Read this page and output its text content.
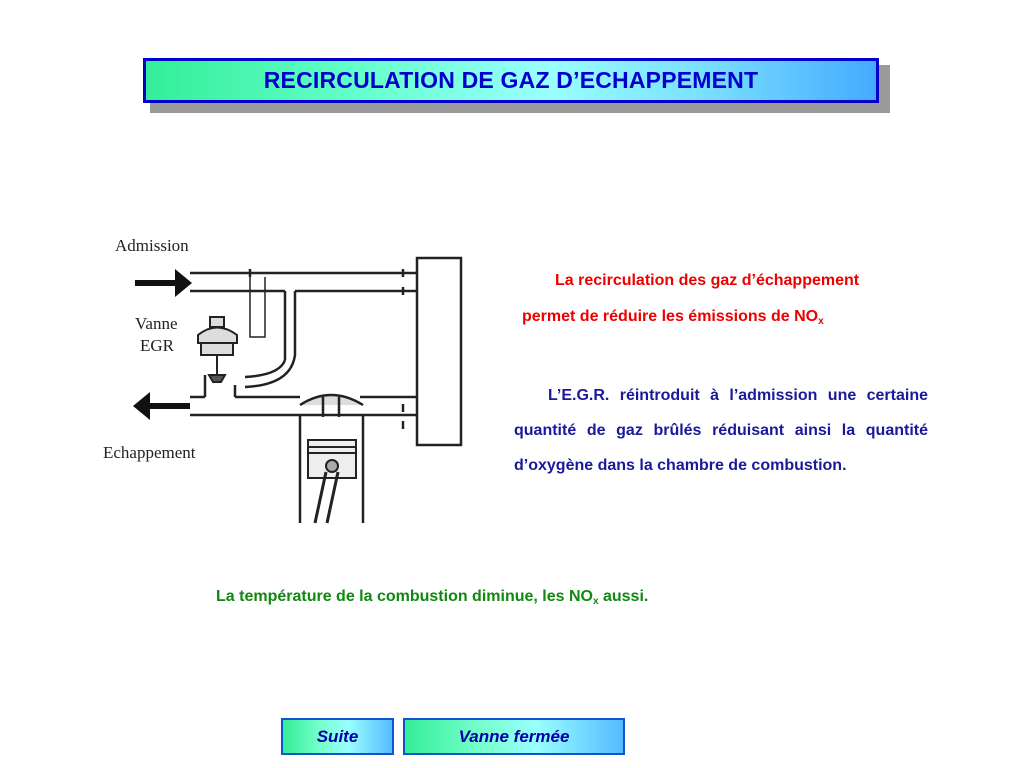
RECIRCULATION DE GAZ D’ECHAPPEMENT
Admission
Vanne
EGR
Echappement
La recirculation des gaz d’échappement
permet de réduire les émissions de $NO_x$
L’E.G.R. réintroduit à l’admission une certaine quantité de gaz brûlés réduisant ainsi la quantité d’oxygène dans la chambre de combustion.
La température de la combustion diminue, les $NO_x$ aussi.
Suite	Vanne fermée
